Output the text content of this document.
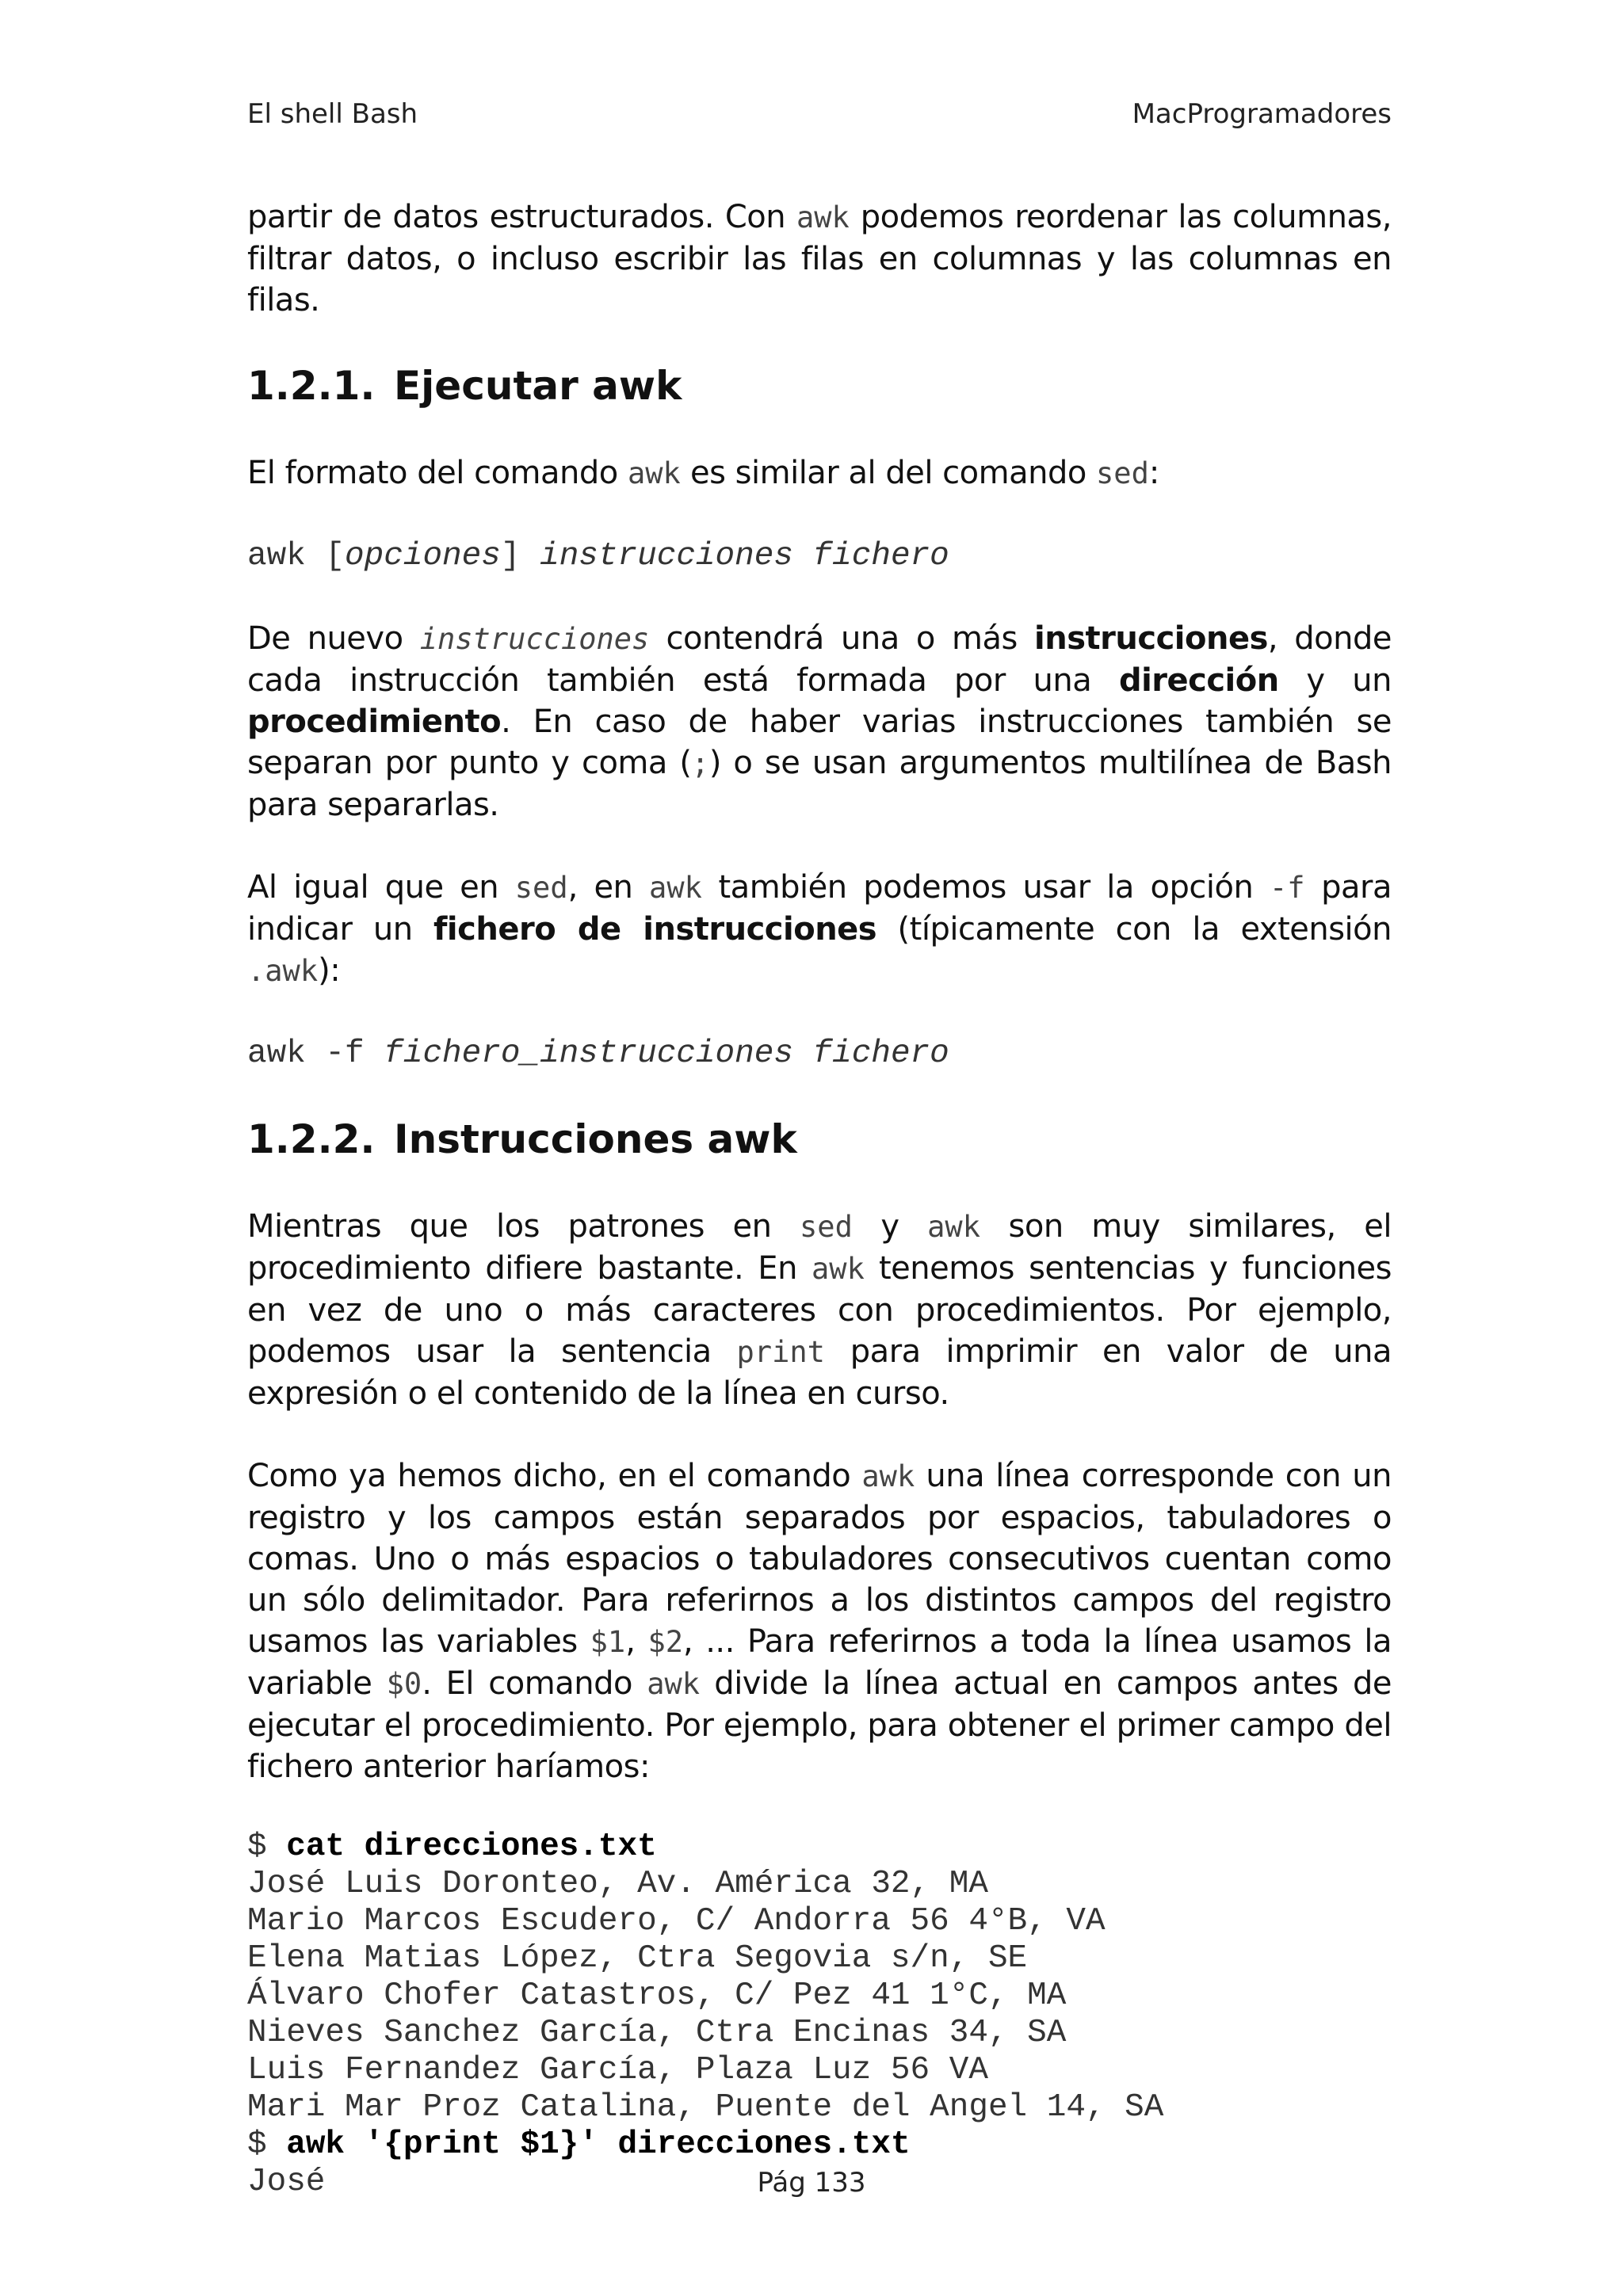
El shell Bash	MacProgramadores

partir de datos estructurados. Con awk podemos reordenar las columnas, filtrar datos, o incluso escribir las filas en columnas y las columnas en filas.

1.2.1. Ejecutar awk

El formato del comando awk es similar al del comando sed:

awk [opciones] instrucciones fichero

De nuevo instrucciones contendrá una o más instrucciones, donde cada instrucción también está formada por una dirección y un procedimiento. En caso de haber varias instrucciones también se separan por punto y coma (;) o se usan argumentos multilínea de Bash para separarlas.

Al igual que en sed, en awk también podemos usar la opción -f para indicar un fichero de instrucciones (típicamente con la extensión .awk):

awk -f fichero_instrucciones fichero
1.2.2. Instrucciones awk

Mientras que los patrones en sed y awk son muy similares, el procedimiento difiere bastante. En awk tenemos sentencias y funciones en vez de uno o más caracteres con procedimientos. Por ejemplo, podemos usar la sentencia print para imprimir en valor de una expresión o el contenido de la línea en curso.

Como ya hemos dicho, en el comando awk una línea corresponde con un registro y los campos están separados por espacios, tabuladores o comas. Uno o más espacios o tabuladores consecutivos cuentan como un sólo delimitador. Para referirnos a los distintos campos del registro usamos las variables $1, $2, ... Para referirnos a toda la línea usamos la variable $0. El comando awk divide la línea actual en campos antes de ejecutar el procedimiento. Por ejemplo, para obtener el primer campo del fichero anterior haríamos:

$ cat direcciones.txt
José Luis Doronteo, Av. América 32, MA
Mario Marcos Escudero, C/ Andorra 56 4°B, VA
Elena Matias López, Ctra Segovia s/n, SE
Álvaro Chofer Catastros, C/ Pez 41 1°C, MA
Nieves Sanchez García, Ctra Encinas 34, SA
Luis Fernandez García, Plaza Luz 56 VA
Mari Mar Proz Catalina, Puente del Angel 14, SA
$ awk '{print $1}' direcciones.txt
José	Pág 133
